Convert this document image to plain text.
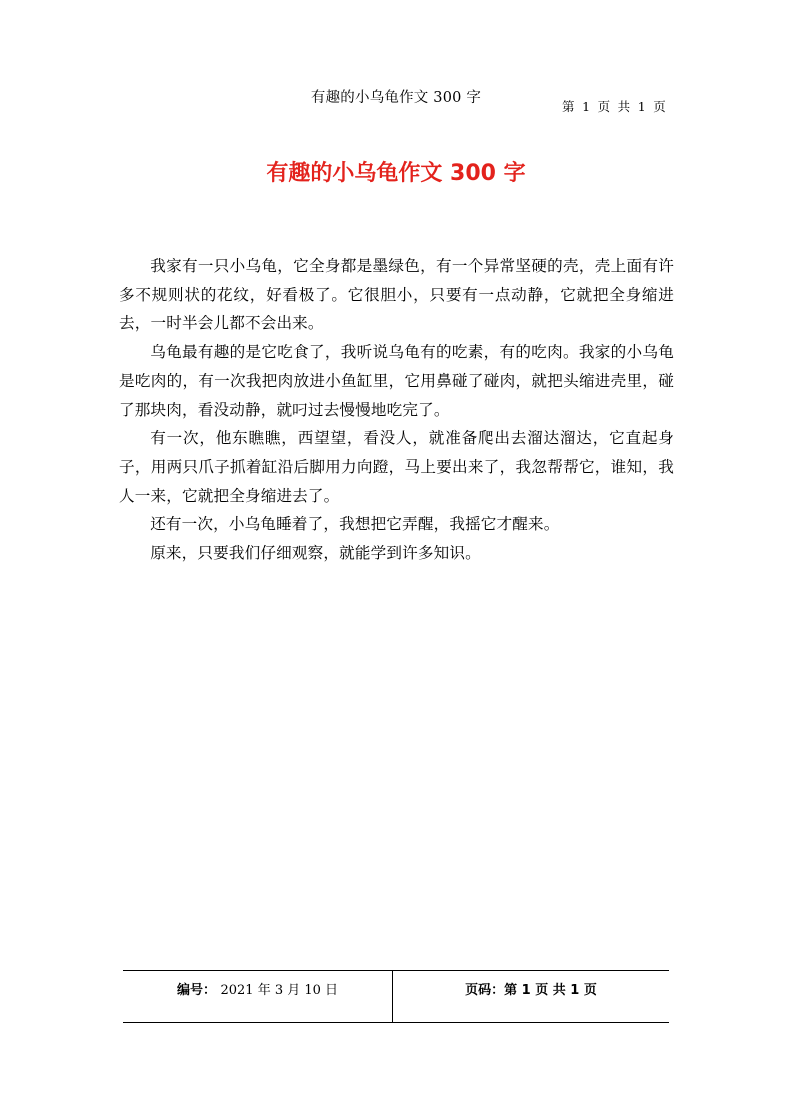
有趣的小乌龟作文 300 字
第 1 页 共 1 页
有趣的小乌龟作文 300 字

我家有一只小乌龟，它全身都是墨绿色，有一个异常坚硬的壳，壳上面有许多不规则状的花纹，好看极了。它很胆小，只要有一点动静，它就把全身缩进去，一时半会儿都不会出来。

乌龟最有趣的是它吃食了，我听说乌龟有的吃素，有的吃肉。我家的小乌龟是吃肉的，有一次我把肉放进小鱼缸里，它用鼻碰了碰肉，就把头缩进壳里，碰了那块肉，看没动静，就叼过去慢慢地吃完了。

有一次，他东瞧瞧，西望望，看没人，就准备爬出去溜达溜达，它直起身子，用两只爪子抓着缸沿后脚用力向蹬，马上要出来了，我忽帮帮它，谁知，我人一来，它就把全身缩进去了。

还有一次，小乌龟睡着了，我想把它弄醒，我摇它才醒来。

原来，只要我们仔细观察，就能学到许多知识。

编号： 2021 年 3 月 10 日	页码：第 1 页 共 1 页
